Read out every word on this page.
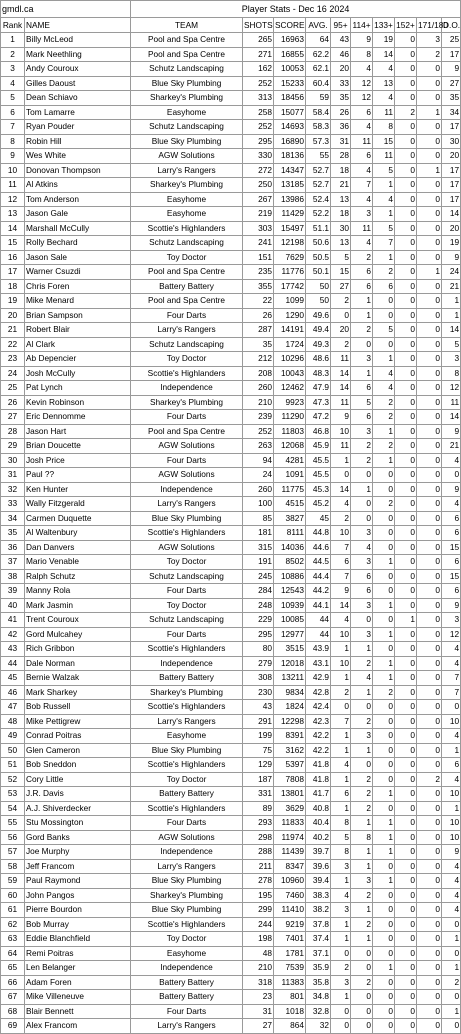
gmdl.ca		Player Stats - Dec 16 2024									
Rank	NAME	TEAM	SHOTS	SCORE	AVG.	95+	114+	133+	152+	171/180	D.O.
1	Billy McLeod	Pool and Spa Centre	265	16963	64	43	9	19	0	3	25
2	Mark Neethling	Pool and Spa Centre	271	16855	62.2	46	8	14	0	2	17
3	Andy Couroux	Schutz Landscaping	162	10053	62.1	20	4	4	0	0	9
4	Gilles Daoust	Blue Sky Plumbing	252	15233	60.4	33	12	13	0	0	27
5	Dean Schiavo	Sharkey's Plumbing	313	18456	59	35	12	4	0	0	35
6	Tom Lamarre	Easyhome	258	15077	58.4	26	6	11	2	1	34
7	Ryan Pouder	Schutz Landscaping	252	14693	58.3	36	4	8	0	0	17
8	Robin Hill	Blue Sky Plumbing	295	16890	57.3	31	11	15	0	0	30
9	Wes White	AGW Solutions	330	18136	55	28	6	11	0	0	20
10	Donovan Thompson	Larry's Rangers	272	14347	52.7	18	4	5	0	1	17
11	Al Atkins	Sharkey's Plumbing	250	13185	52.7	21	7	1	0	0	17
12	Tom Anderson	Easyhome	267	13986	52.4	13	4	4	0	0	17
13	Jason Gale	Easyhome	219	11429	52.2	18	3	1	0	0	14
14	Marshall McCully	Scottie's Highlanders	303	15497	51.1	30	11	5	0	0	20
15	Rolly Bechard	Schutz Landscaping	241	12198	50.6	13	4	7	0	0	19
16	Jason Sale	Toy Doctor	151	7629	50.5	5	2	1	0	0	9
17	Warner Csuzdi	Pool and Spa Centre	235	11776	50.1	15	6	2	0	1	24
18	Chris Foren	Battery Battery	355	17742	50	27	6	6	0	0	21
19	Mike Menard	Pool and Spa Centre	22	1099	50	2	1	0	0	0	1
20	Brian Sampson	Four Darts	26	1290	49.6	0	1	0	0	0	1
21	Robert Blair	Larry's Rangers	287	14191	49.4	20	2	5	0	0	14
22	Al Clark	Schutz Landscaping	35	1724	49.3	2	0	0	0	0	5
23	Ab Depencier	Toy Doctor	212	10296	48.6	11	3	1	0	0	3
24	Josh McCully	Scottie's Highlanders	208	10043	48.3	14	1	4	0	0	8
25	Pat Lynch	Independence	260	12462	47.9	14	6	4	0	0	12
26	Kevin Robinson	Sharkey's Plumbing	210	9923	47.3	11	5	2	0	0	11
27	Eric Dennomme	Four Darts	239	11290	47.2	9	6	2	0	0	14
28	Jason Hart	Pool and Spa Centre	252	11803	46.8	10	3	1	0	0	9
29	Brian Doucette	AGW Solutions	263	12068	45.9	11	2	2	0	0	21
30	Josh Price	Four Darts	94	4281	45.5	1	2	1	0	0	4
31	Paul ??	AGW Solutions	24	1091	45.5	0	0	0	0	0	0
32	Ken Hunter	Independence	260	11775	45.3	14	1	0	0	0	9
33	Wally Fitzgerald	Larry's Rangers	100	4515	45.2	4	0	2	0	0	4
34	Carmen Duquette	Blue Sky Plumbing	85	3827	45	2	0	0	0	0	6
35	Al Waltenbury	Scottie's Highlanders	181	8111	44.8	10	3	0	0	0	6
36	Dan Danvers	AGW Solutions	315	14036	44.6	7	4	0	0	0	15
37	Mario Venable	Toy Doctor	191	8502	44.5	6	3	1	0	0	6
38	Ralph Schutz	Schutz Landscaping	245	10886	44.4	7	6	0	0	0	15
39	Manny Rola	Four Darts	284	12543	44.2	9	6	0	0	0	6
40	Mark Jasmin	Toy Doctor	248	10939	44.1	14	3	1	0	0	9
41	Trent Couroux	Schutz Landscaping	229	10085	44	4	0	0	1	0	3
42	Gord Mulcahey	Four Darts	295	12977	44	10	3	1	0	0	12
43	Rich Gribbon	Scottie's Highlanders	80	3515	43.9	1	1	0	0	0	4
44	Dale Norman	Independence	279	12018	43.1	10	2	1	0	0	4
45	Bernie Walzak	Battery Battery	308	13211	42.9	1	4	1	0	0	7
46	Mark Sharkey	Sharkey's Plumbing	230	9834	42.8	2	1	2	0	0	7
47	Bob Russell	Scottie's Highlanders	43	1824	42.4	0	0	0	0	0	0
48	Mike Pettigrew	Larry's Rangers	291	12298	42.3	7	2	0	0	0	10
49	Conrad Poitras	Easyhome	199	8391	42.2	1	3	0	0	0	4
50	Glen Cameron	Blue Sky Plumbing	75	3162	42.2	1	1	0	0	0	1
51	Bob Sneddon	Scottie's Highlanders	129	5397	41.8	4	0	0	0	0	6
52	Cory Little	Toy Doctor	187	7808	41.8	1	2	0	0	2	4
53	J.R. Davis	Battery Battery	331	13801	41.7	6	2	1	0	0	10
54	A.J. Shiverdecker	Scottie's Highlanders	89	3629	40.8	1	2	0	0	0	1
55	Stu Mossington	Four Darts	293	11833	40.4	8	1	1	0	0	10
56	Gord Banks	AGW Solutions	298	11974	40.2	5	8	1	0	0	10
57	Joe Murphy	Independence	288	11439	39.7	8	1	1	0	0	9
58	Jeff Francom	Larry's Rangers	211	8347	39.6	3	1	0	0	0	4
59	Paul Raymond	Blue Sky Plumbing	278	10960	39.4	1	3	1	0	0	4
60	John Pangos	Sharkey's Plumbing	195	7460	38.3	4	2	0	0	0	4
61	Pierre Bourdon	Blue Sky Plumbing	299	11410	38.2	3	1	0	0	0	4
62	Bob Murray	Scottie's Highlanders	244	9219	37.8	1	2	0	0	0	0
63	Eddie Blanchfield	Toy Doctor	198	7401	37.4	1	1	0	0	0	1
64	Remi Poitras	Easyhome	48	1781	37.1	0	0	0	0	0	0
65	Len Belanger	Independence	210	7539	35.9	2	0	1	0	0	1
66	Adam Foren	Battery Battery	318	11383	35.8	3	2	0	0	0	2
67	Mike Villeneuve	Battery Battery	23	801	34.8	1	0	0	0	0	0
68	Blair Bennett	Four Darts	31	1018	32.8	0	0	0	0	0	1
69	Alex Francom	Larry's Rangers	27	864	32	0	0	0	0	0	0
